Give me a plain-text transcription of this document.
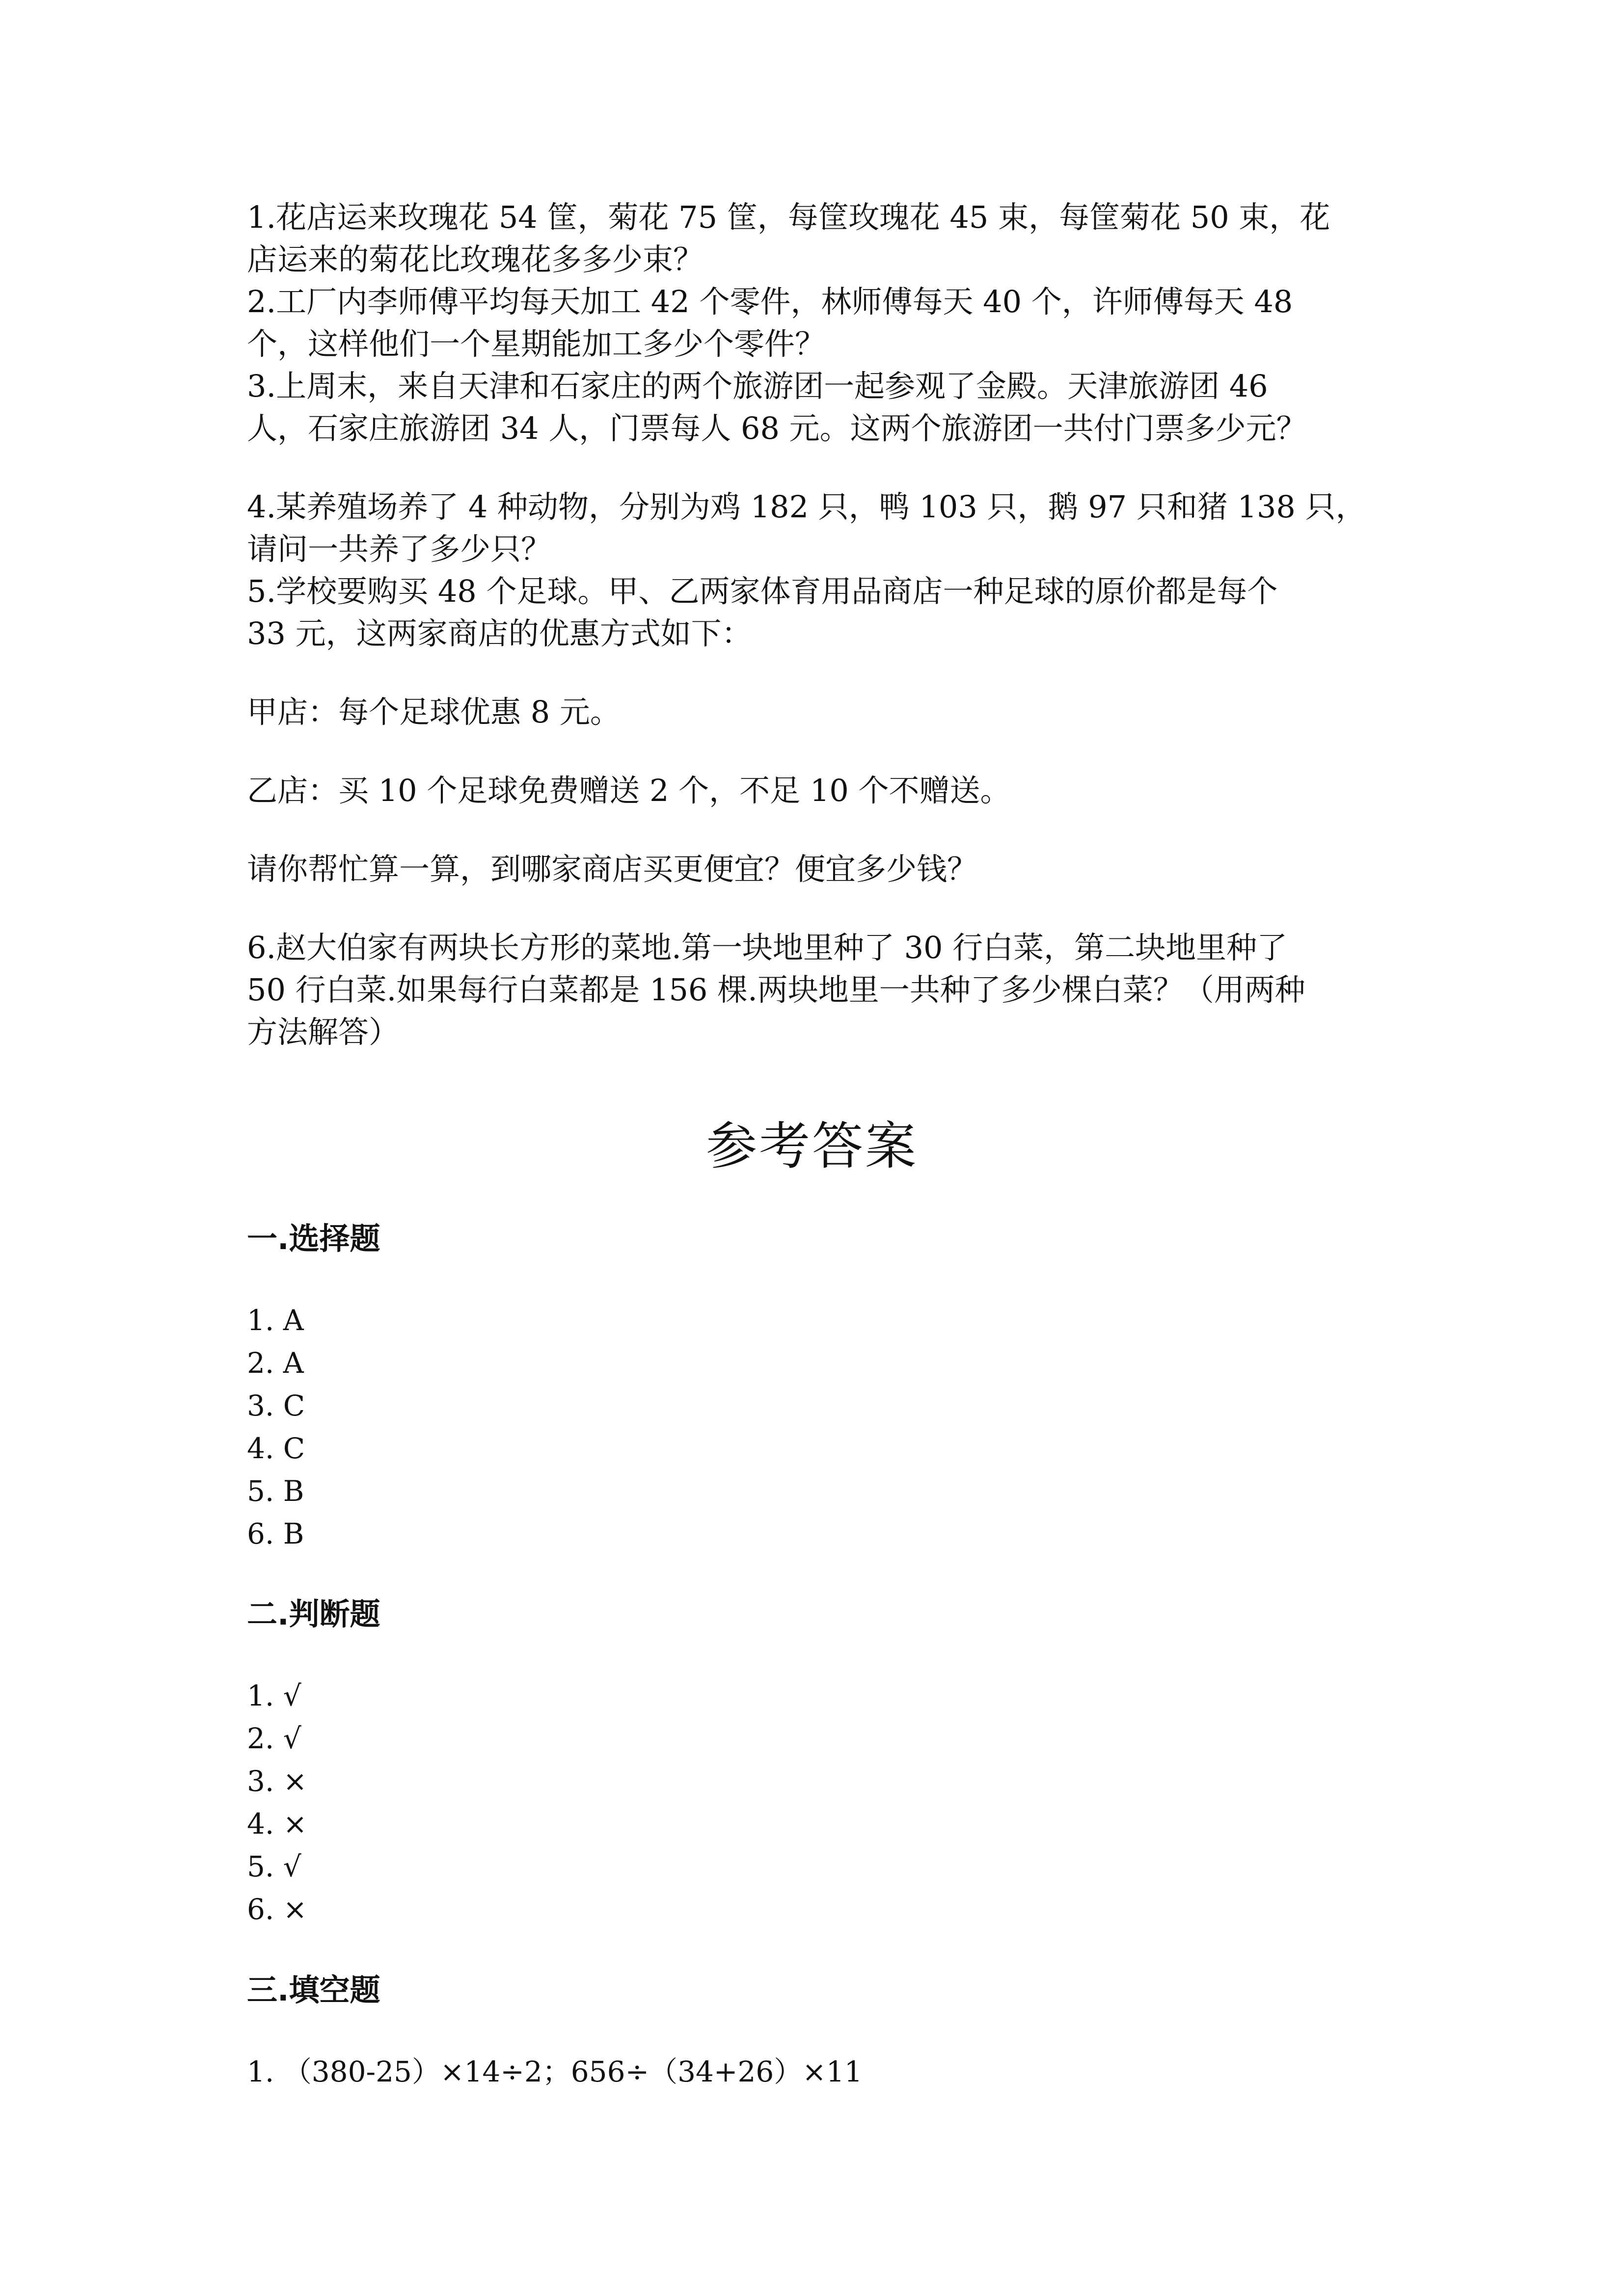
1.花店运来玫瑰花 54 筐，菊花 75 筐，每筐玫瑰花 45 束，每筐菊花 50 束，花

店运来的菊花比玫瑰花多多少束？

2.工厂内李师傅平均每天加工 42 个零件，林师傅每天 40 个，许师傅每天 48

个，这样他们一个星期能加工多少个零件？

3.上周末，来自天津和石家庄的两个旅游团一起参观了金殿。天津旅游团 46

人，石家庄旅游团 34 人，门票每人 68 元。这两个旅游团一共付门票多少元？

4.某养殖场养了 4 种动物，分别为鸡 182 只，鸭 103 只，鹅 97 只和猪 138 只，

请问一共养了多少只？

5.学校要购买 48 个足球。甲、乙两家体育用品商店一种足球的原价都是每个

33 元，这两家商店的优惠方式如下：

甲店：每个足球优惠 8 元。

乙店：买 10 个足球免费赠送 2 个，不足 10 个不赠送。

请你帮忙算一算，到哪家商店买更便宜？便宜多少钱？

6.赵大伯家有两块长方形的菜地.第一块地里种了 30 行白菜，第二块地里种了

50 行白菜.如果每行白菜都是 156 棵.两块地里一共种了多少棵白菜？（用两种

方法解答）

参考答案
一.选择题

1. A

2. A

3. C

4. C

5. B

6. B

二.判断题

1. √

2. √

3. ×

4. ×

5. √

6. ×

三.填空题

1. （380-25）×14÷2；656÷（34+26）×11
